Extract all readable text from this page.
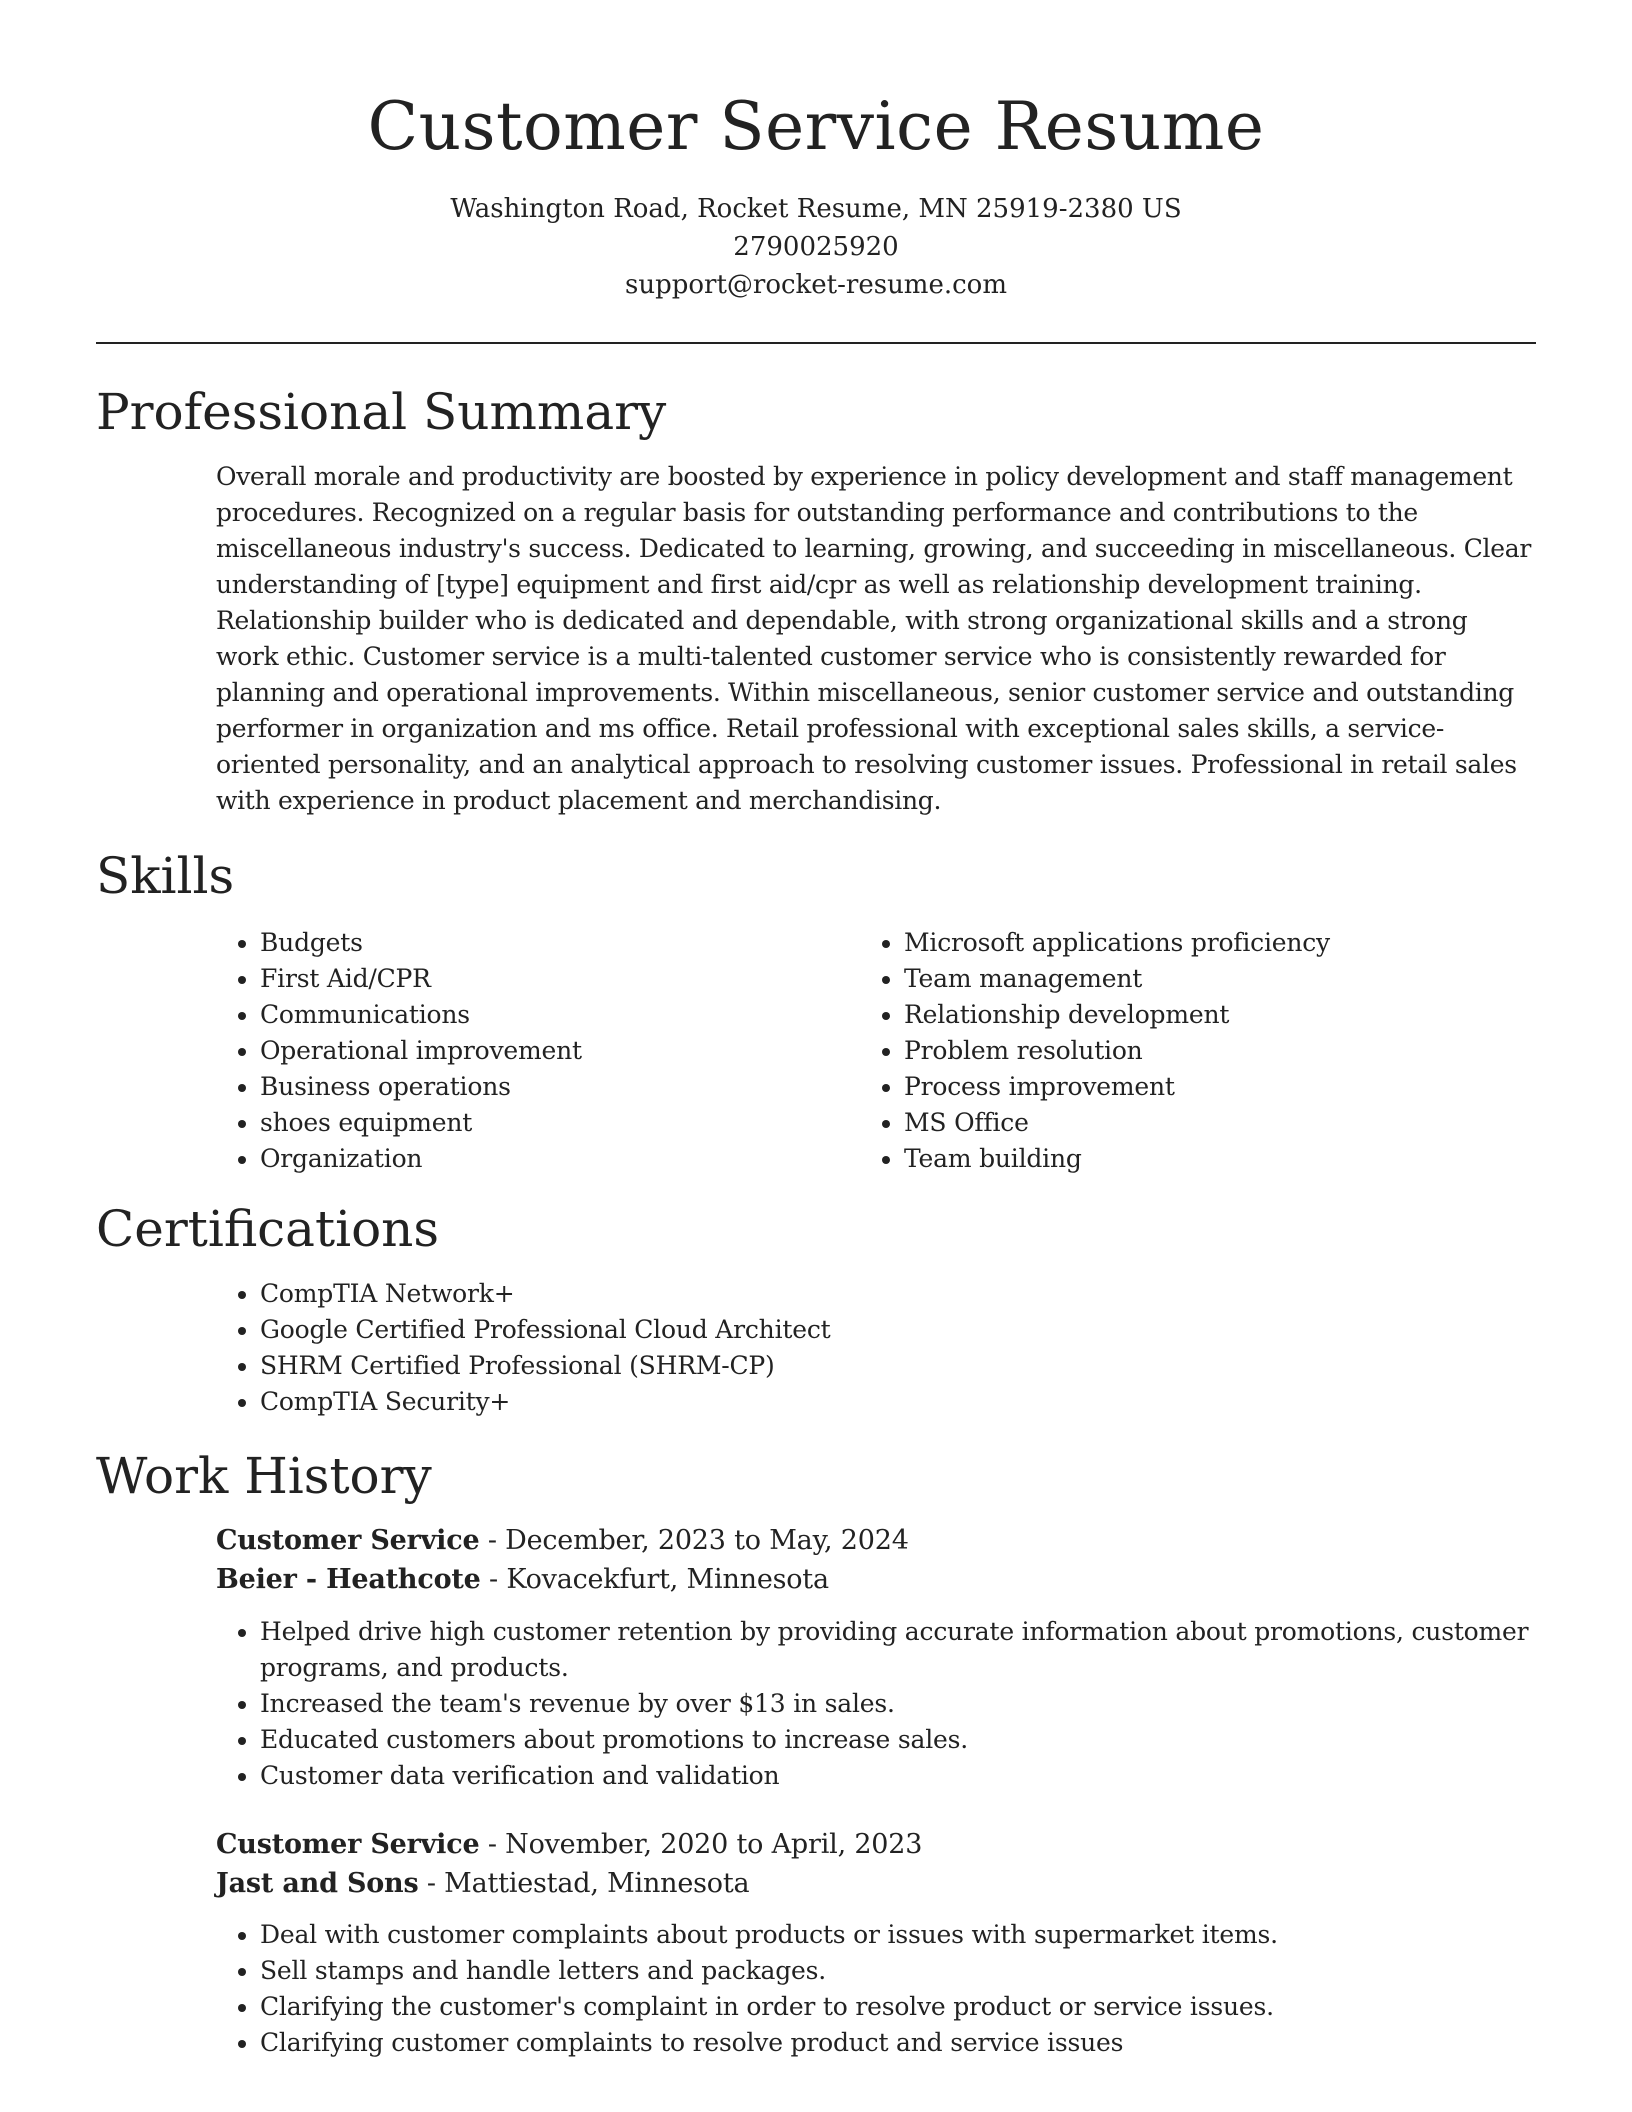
Customer Service Resume

Washington Road, Rocket Resume, MN 25919-2380 US

2790025920

support@rocket-resume.com

Professional Summary

Overall morale and productivity are boosted by experience in policy development and staff management procedures. Recognized on a regular basis for outstanding performance and contributions to the miscellaneous industry's success. Dedicated to learning, growing, and succeeding in miscellaneous. Clear understanding of [type] equipment and first aid/cpr as well as relationship development training. Relationship builder who is dedicated and dependable, with strong organizational skills and a strong work ethic. Customer service is a multi-talented customer service who is consistently rewarded for planning and operational improvements. Within miscellaneous, senior customer service and outstanding performer in organization and ms office. Retail professional with exceptional sales skills, a service-oriented personality, and an analytical approach to resolving customer issues. Professional in retail sales with experience in product placement and merchandising.

Skills
• Budgets
• First Aid/CPR
• Communications
• Operational improvement
• Business operations
• shoes equipment
• Organization
• Microsoft applications proficiency
• Team management
• Relationship development
• Problem resolution
• Process improvement
• MS Office
• Team building
Certifications
• CompTIA Network+
• Google Certified Professional Cloud Architect
• SHRM Certified Professional (SHRM-CP)
• CompTIA Security+
Work History

Customer Service - December, 2023 to May, 2024

Beier - Heathcote - Kovacekfurt, Minnesota

• Helped drive high customer retention by providing accurate information about promotions, customer programs, and products.
• Increased the team's revenue by over $13 in sales.
• Educated customers about promotions to increase sales.
• Customer data verification and validation

Customer Service - November, 2020 to April, 2023

Jast and Sons - Mattiestad, Minnesota

• Deal with customer complaints about products or issues with supermarket items.
• Sell stamps and handle letters and packages.
• Clarifying the customer's complaint in order to resolve product or service issues.
• Clarifying customer complaints to resolve product and service issues
